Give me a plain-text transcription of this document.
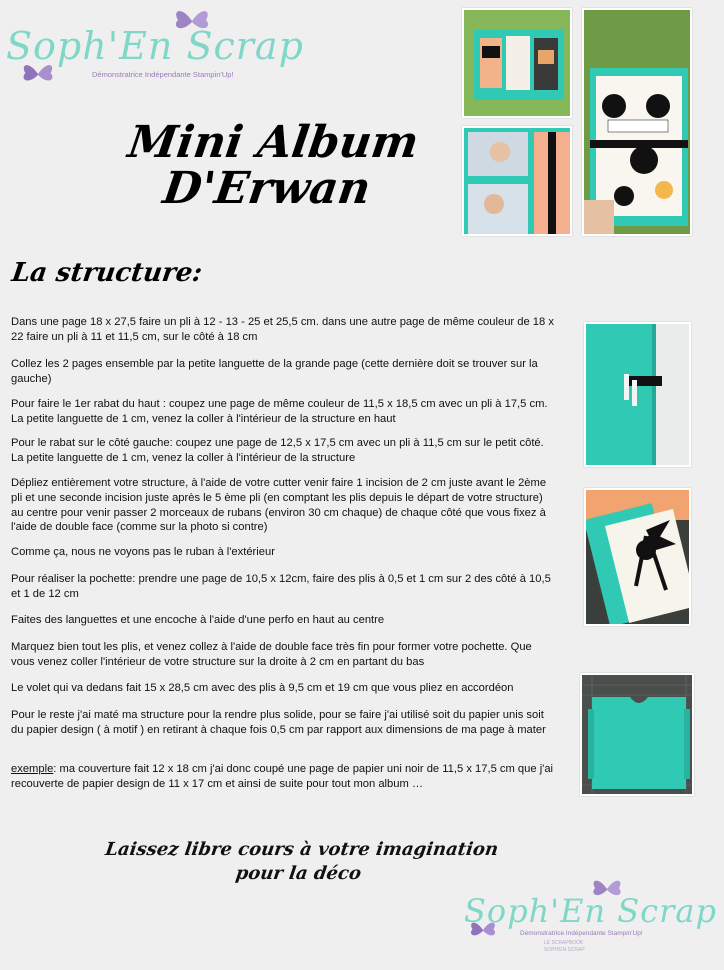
Soph'En Scrap
Démonstratrice Indépendante Stampin'Up!
Mini Album
D'Erwan
La structure:

Dans une page 18 x 27,5 faire un pli à 12 - 13 - 25 et 25,5 cm. dans une autre page de même couleur de 18 x 22 faire un pli à 11 et 11,5 cm, sur le côté à 18 cm

Collez les 2 pages ensemble par la petite languette de la grande page (cette dernière doit se trouver sur la gauche)

Pour faire le 1er rabat du haut : coupez une page de même couleur de 11,5 x 18,5 cm avec un pli à 17,5 cm. La petite languette de 1 cm, venez la coller à l'intérieur de la structure en haut

Pour le rabat sur le côté gauche: coupez une page de 12,5 x 17,5 cm avec un pli à 11,5 cm sur le petit côté. La petite languette de 1 cm, venez la coller à l'intérieur de la structure

Dépliez entièrement votre structure, à l'aide de votre cutter venir faire 1 incision de 2 cm juste avant le 2ème pli et une seconde incision juste après le 5 ème pli (en comptant les plis depuis le départ de votre structure) au centre pour venir passer 2 morceaux de rubans (environ 30 cm chaque) de chaque côté que vous fixez à l'aide de double face (comme sur la photo si contre)

Comme ça, nous ne voyons pas le ruban à l'extérieur

Pour réaliser la pochette: prendre une page de 10,5 x 12cm, faire des plis à 0,5 et 1 cm sur 2 des côté à 10,5 et 1 de 12 cm

Faites des languettes et une encoche à l'aide d'une perfo en haut au centre

Marquez bien tout les plis, et venez collez à l'aide de double face très fin pour former votre pochette. Que vous venez coller l'intérieur de votre structure sur la droite à 2 cm en partant du bas

Le volet qui va dedans fait 15 x 28,5 cm avec des plis à 9,5 cm et 19 cm que vous pliez en accordéon

Pour le reste j'ai maté ma structure pour la rendre plus solide, pour se faire j'ai utilisé soit du papier unis soit du papier design ( à motif ) en retirant à chaque fois 0,5 cm par rapport aux dimensions de ma page à mater

exemple: ma couverture fait 12 x 18 cm j'ai donc coupé une page de papier uni noir de 11,5 x 17,5 cm que j'ai recouverte de papier design de 11 x 17 cm et ainsi de suite pour tout mon album …

Laissez libre cours à votre imagination
pour la déco
Soph'En Scrap
Démonstratrice Indépendante Stampin'Up!
LE SCRAPBOOK
SOPH'EN SCRAP
